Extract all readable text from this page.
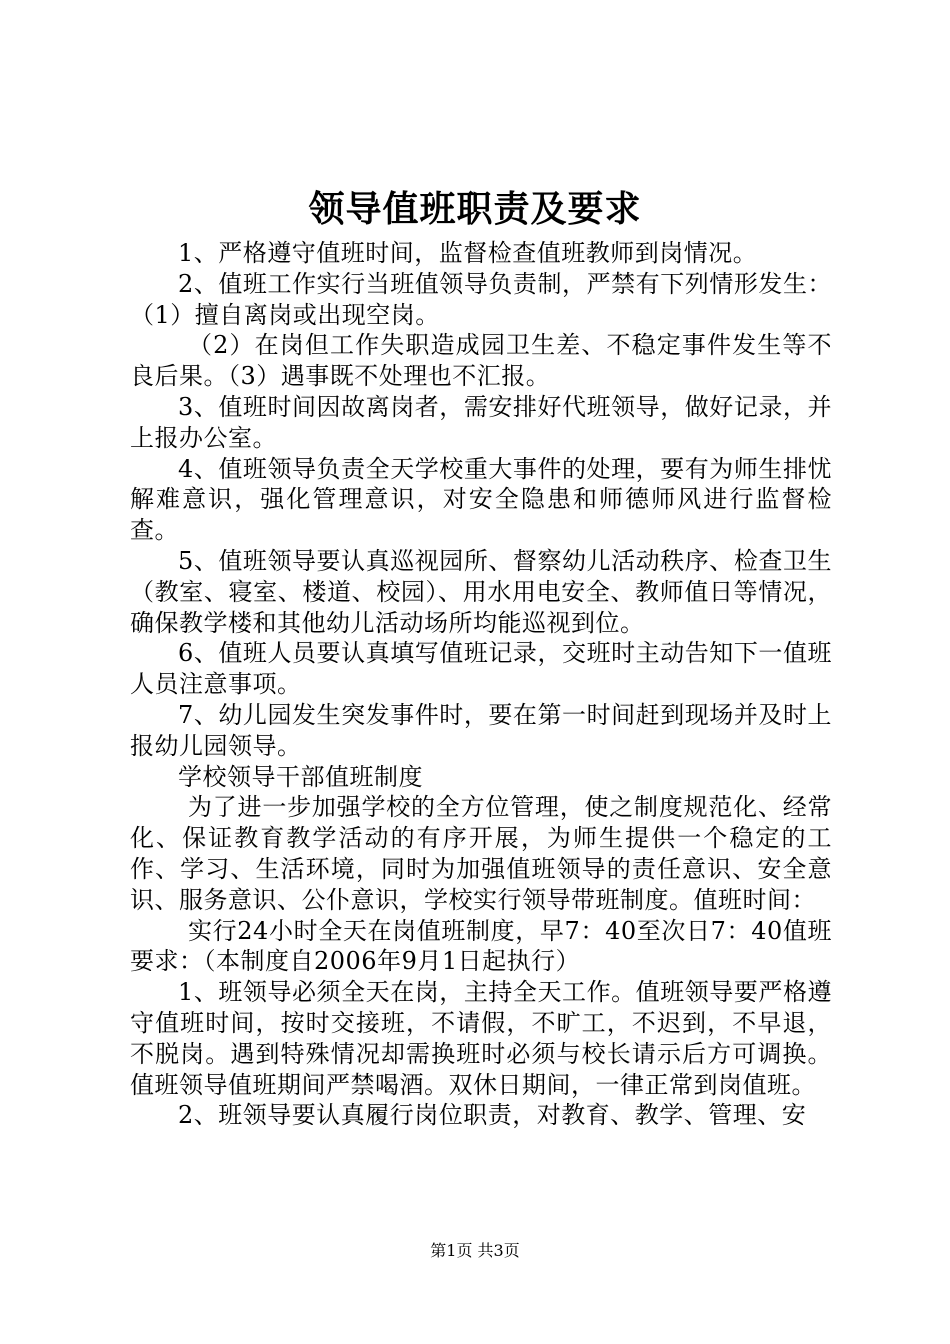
领导值班职责及要求

1、严格遵守值班时间，监督检查值班教师到岗情况。

2、值班工作实行当班值领导负责制，严禁有下列情形发生：（1）擅自离岗或出现空岗。

（2）在岗但工作失职造成园卫生差、不稳定事件发生等不良后果。（3）遇事既不处理也不汇报。

3、值班时间因故离岗者，需安排好代班领导，做好记录，并上报办公室。

4、值班领导负责全天学校重大事件的处理，要有为师生排忧解难意识，强化管理意识，对安全隐患和师德师风进行监督检查。

5、值班领导要认真巡视园所、督察幼儿活动秩序、检查卫生（教室、寝室、楼道、校园）、用水用电安全、教师值日等情况，确保教学楼和其他幼儿活动场所均能巡视到位。

6、值班人员要认真填写值班记录，交班时主动告知下一值班人员注意事项。

7、幼儿园发生突发事件时，要在第一时间赶到现场并及时上报幼儿园领导。

学校领导干部值班制度

为了进一步加强学校的全方位管理，使之制度规范化、经常化、保证教育教学活动的有序开展，为师生提供一个稳定的工作、学习、生活环境，同时为加强值班领导的责任意识、安全意识、服务意识、公仆意识，学校实行领导带班制度。值班时间：

实行24小时全天在岗值班制度，早7：40至次日7：40值班要求：（本制度自2006年9月1日起执行）

1、班领导必须全天在岗，主持全天工作。值班领导要严格遵守值班时间，按时交接班，不请假，不旷工，不迟到，不早退，不脱岗。遇到特殊情况却需换班时必须与校长请示后方可调换。值班领导值班期间严禁喝酒。双休日期间，一律正常到岗值班。

2、班领导要认真履行岗位职责，对教育、教学、管理、安

第1页 共3页
